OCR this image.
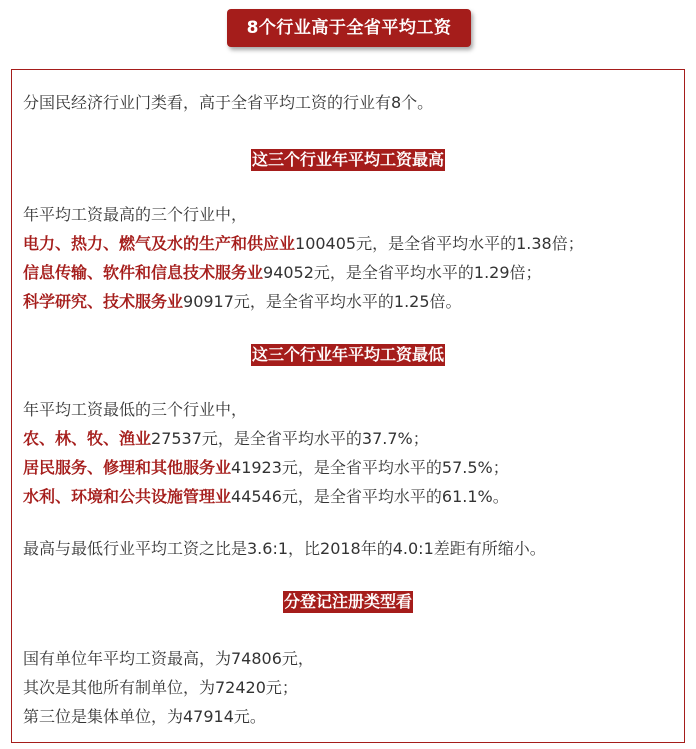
8个行业高于全省平均工资

分国民经济行业门类看，高于全省平均工资的行业有8个。

这三个行业年平均工资最高

年平均工资最高的三个行业中，
电力、热力、燃气及水的生产和供应业100405元，是全省平均水平的1.38倍；
信息传输、软件和信息技术服务业94052元，是全省平均水平的1.29倍；
科学研究、技术服务业90917元，是全省平均水平的1.25倍。

这三个行业年平均工资最低

年平均工资最低的三个行业中，
农、林、牧、渔业27537元，是全省平均水平的37.7%；
居民服务、修理和其他服务业41923元，是全省平均水平的57.5%；
水利、环境和公共设施管理业44546元，是全省平均水平的61.1%。

最高与最低行业平均工资之比是3.6:1，比2018年的4.0:1差距有所缩小。

分登记注册类型看

国有单位年平均工资最高，为74806元，
其次是其他所有制单位，为72420元；
第三位是集体单位，为47914元。
